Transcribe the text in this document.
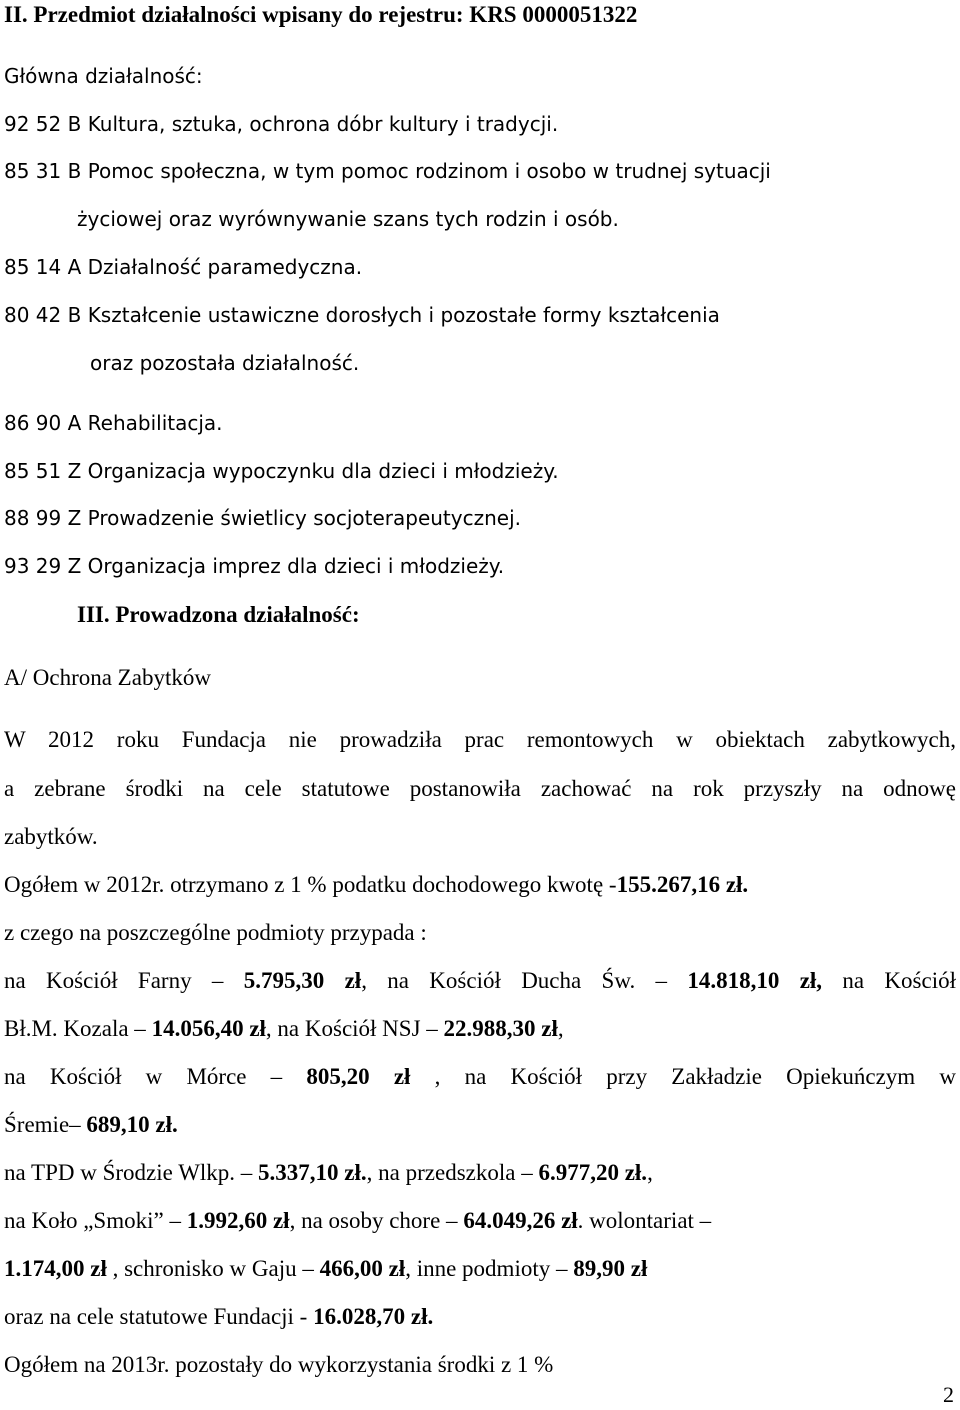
II. Przedmiot działalności wpisany do rejestru: KRS 0000051322
Główna działalność:
92 52 B Kultura, sztuka, ochrona dóbr kultury i tradycji.
85 31 B Pomoc społeczna, w tym pomoc rodzinom i osobo w trudnej sytuacji
życiowej oraz wyrównywanie szans tych rodzin i osób.
85 14 A Działalność paramedyczna.
80 42 B Kształcenie ustawiczne dorosłych i pozostałe formy kształcenia
oraz pozostała działalność.
86 90 A Rehabilitacja.
85 51 Z Organizacja wypoczynku dla dzieci i młodzieży.
88 99 Z Prowadzenie świetlicy socjoterapeutycznej.
93 29 Z Organizacja imprez dla dzieci i młodzieży.
III. Prowadzona działalność:
A/ Ochrona Zabytków
W 2012 roku Fundacja nie prowadziła prac remontowych w obiektach zabytkowych,
a zebrane środki na cele statutowe postanowiła zachować na rok przyszły na odnowę
zabytków.
Ogółem w 2012r. otrzymano z 1 % podatku dochodowego kwotę -155.267,16 zł.
z czego na poszczególne podmioty przypada :
na Kościół Farny – 5.795,30 zł, na Kościół Ducha Św. – 14.818,10 zł, na Kościół
Bł.M. Kozala – 14.056,40 zł, na Kościół NSJ – 22.988,30 zł,
na Kościół w Mórce – 805,20 zł , na Kościół przy Zakładzie Opiekuńczym w
Śremie– 689,10 zł.
na TPD w Środzie Wlkp. – 5.337,10 zł., na przedszkola – 6.977,20 zł.,
na Koło „Smoki” – 1.992,60 zł, na osoby chore – 64.049,26 zł. wolontariat –
1.174,00 zł , schronisko w Gaju – 466,00 zł, inne podmioty – 89,90 zł
oraz na cele statutowe Fundacji - 16.028,70 zł.
Ogółem na 2013r. pozostały do wykorzystania środki z 1 %
2
